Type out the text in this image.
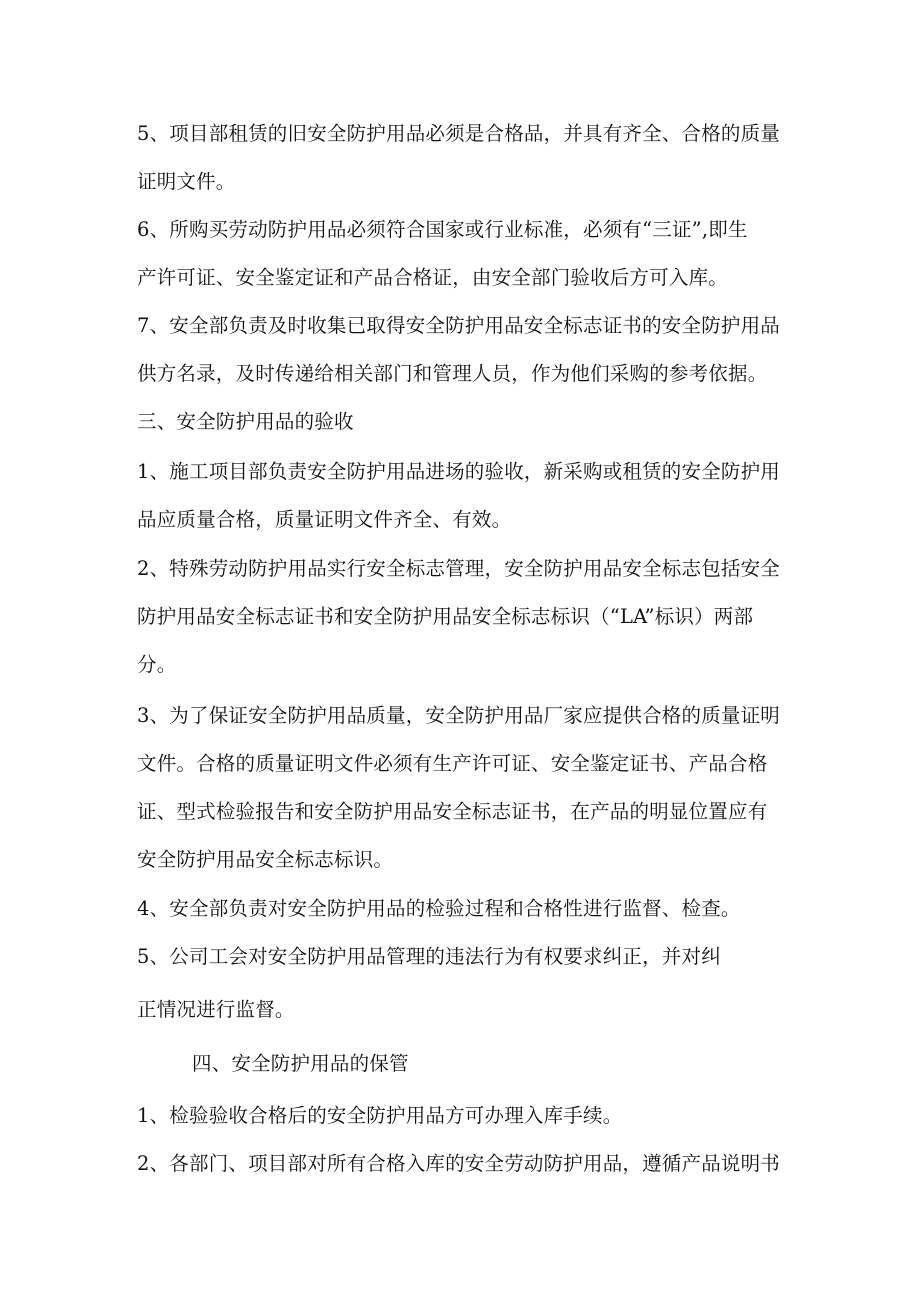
5、项目部租赁的旧安全防护用品必须是合格品，并具有齐全、合格的质量
证明文件。
6、所购买劳动防护用品必须符合国家或行业标准，必须有“三证”,即生
产许可证、安全鉴定证和产品合格证，由安全部门验收后方可入库。
7、安全部负责及时收集已取得安全防护用品安全标志证书的安全防护用品
供方名录，及时传递给相关部门和管理人员，作为他们采购的参考依据。
三、安全防护用品的验收
1、施工项目部负责安全防护用品进场的验收，新采购或租赁的安全防护用
品应质量合格，质量证明文件齐全、有效。
2、特殊劳动防护用品实行安全标志管理，安全防护用品安全标志包括安全
防护用品安全标志证书和安全防护用品安全标志标识（“LA”标识）两部
分。
3、为了保证安全防护用品质量，安全防护用品厂家应提供合格的质量证明
文件。合格的质量证明文件必须有生产许可证、安全鉴定证书、产品合格
证、型式检验报告和安全防护用品安全标志证书，在产品的明显位置应有
安全防护用品安全标志标识。
4、安全部负责对安全防护用品的检验过程和合格性进行监督、检查。
5、公司工会对安全防护用品管理的违法行为有权要求纠正，并对纠
正情况进行监督。
四、安全防护用品的保管
1、检验验收合格后的安全防护用品方可办理入库手续。
2、各部门、项目部对所有合格入库的安全劳动防护用品，遵循产品说明书
